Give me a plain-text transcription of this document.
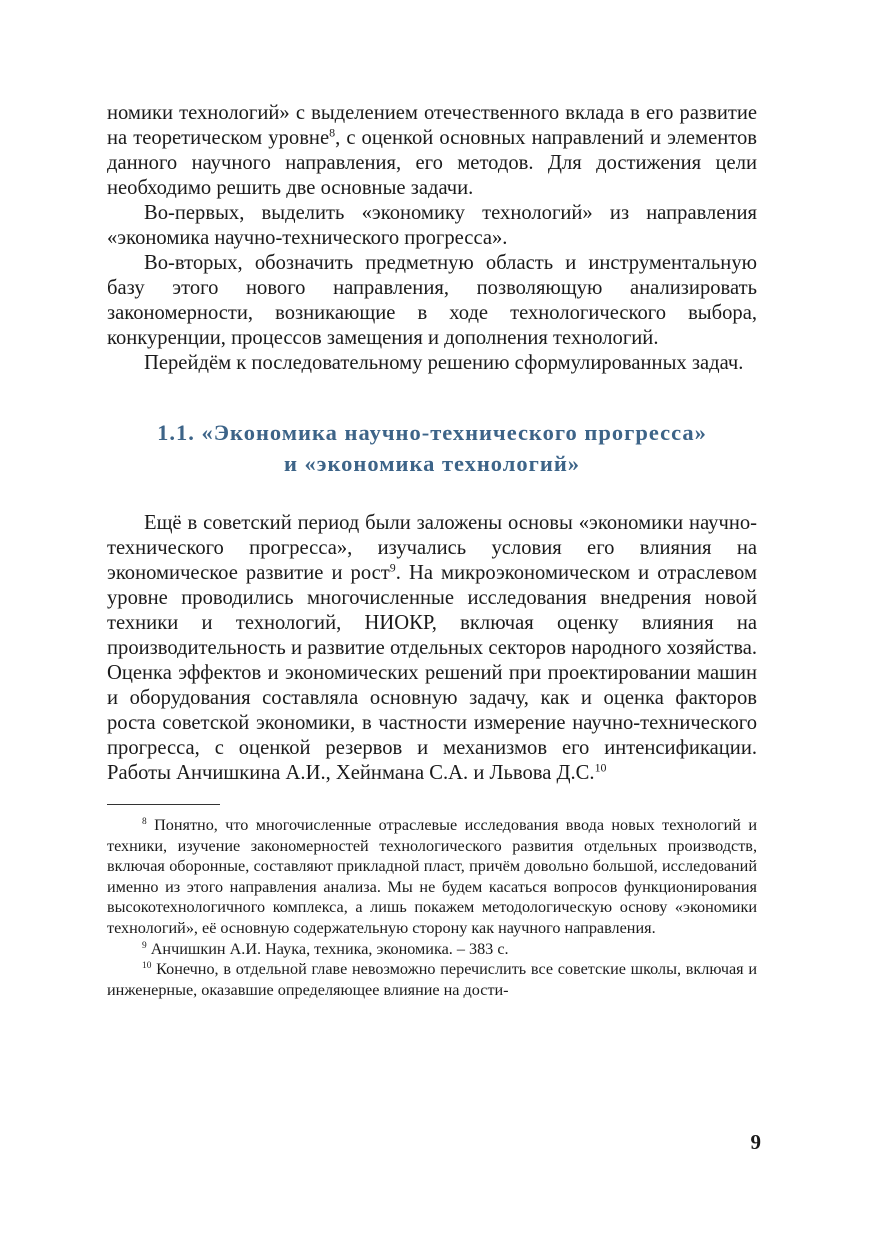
номики технологий» с выделением отечественного вклада в его развитие на теоретическом уровне$^8$, с оценкой основных направлений и элементов данного научного направления, его методов. Для достижения цели необходимо решить две основные задачи.

Во-первых, выделить «экономику технологий» из направления «экономика научно-технического прогресса».

Во-вторых, обозначить предметную область и инструментальную базу этого нового направления, позволяющую анализировать закономерности, возникающие в ходе технологического выбора, конкуренции, процессов замещения и дополнения технологий.

Перейдём к последовательному решению сформулированных задач.

1.1. «Экономика научно-технического прогресса»
и «экономика технологий»

Ещё в советский период были заложены основы «экономики научно-технического прогресса», изучались условия его влияния на экономическое развитие и рост$^9$. На микроэкономическом и отраслевом уровне проводились многочисленные исследования внедрения новой техники и технологий, НИОКР, включая оценку влияния на производительность и развитие отдельных секторов народного хозяйства. Оценка эффектов и экономических решений при проектировании машин и оборудования составляла основную задачу, как и оценка факторов роста советской экономики, в частности измерение научно-технического прогресса, с оценкой резервов и механизмов его интенсификации. Работы Анчишкина А.И., Хейнмана С.А. и Львова Д.С.$^{10}$

$^8$ Понятно, что многочисленные отраслевые исследования ввода новых технологий и техники, изучение закономерностей технологического развития отдельных производств, включая оборонные, составляют прикладной пласт, причём довольно большой, исследований именно из этого направления анализа. Мы не будем касаться вопросов функционирования высокотехнологичного комплекса, а лишь покажем методологическую основу «экономики технологий», её основную содержательную сторону как научного направления.

$^9$ Анчишкин А.И. Наука, техника, экономика. – 383 с.

$^{10}$ Конечно, в отдельной главе невозможно перечислить все советские школы, включая и инженерные, оказавшие определяющее влияние на дости-

9
